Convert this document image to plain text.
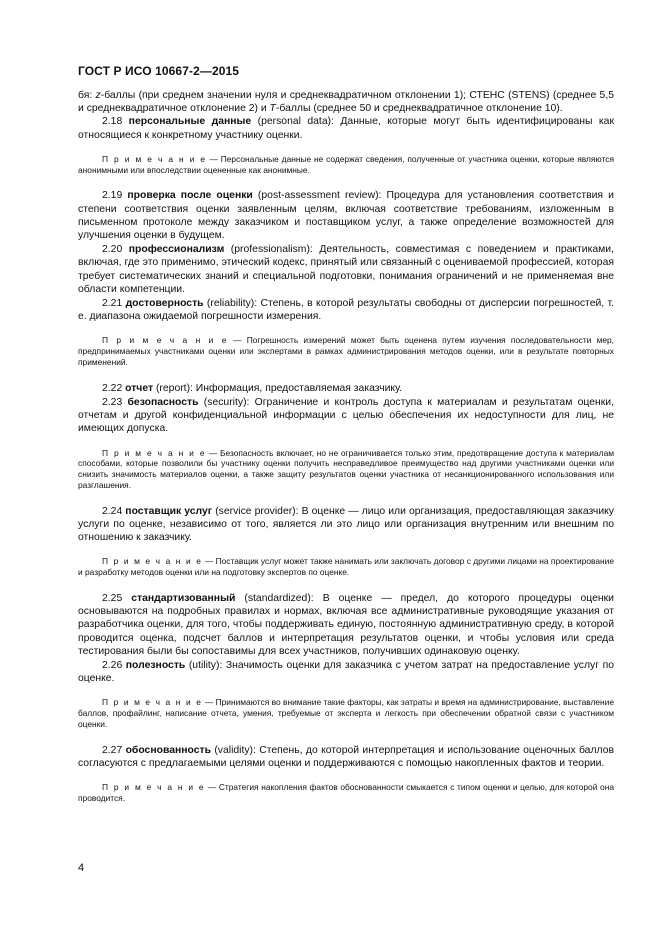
ГОСТ Р ИСО 10667-2—2015

бя: z-баллы (при среднем значении нуля и среднеквадратичном отклонении 1); СТЕНС (STENS) (среднее 5,5 и среднеквадратичное отклонение 2) и T-баллы (среднее 50 и среднеквадратичное отклонение 10).

2.18 персональные данные (personal data): Данные, которые могут быть идентифицированы как относящиеся к конкретному участнику оценки.

П р и м е ч а н и е — Персональные данные не содержат сведения, полученные от участника оценки, которые являются анонимными или впоследствии оцененные как анонимные.

2.19 проверка после оценки (post-assessment review): Процедура для установления соответствия и степени соответствия оценки заявленным целям, включая соответствие требованиям, изложенным в письменном протоколе между заказчиком и поставщиком услуг, а также определение возможностей для улучшения оценки в будущем.

2.20 профессионализм (professionalism): Деятельность, совместимая с поведением и практиками, включая, где это применимо, этический кодекс, принятый или связанный с оцениваемой профессией, которая требует систематических знаний и специальной подготовки, понимания ограничений и не применяемая вне области компетенции.

2.21 достоверность (reliability): Степень, в которой результаты свободны от дисперсии погрешностей, т. е. диапазона ожидаемой погрешности измерения.

П р и м е ч а н и е — Погрешность измерений может быть оценена путем изучения последовательности мер, предпринимаемых участниками оценки или экспертами в рамках администрирования методов оценки, или в результате повторных применений.

2.22 отчет (report): Информация, предоставляемая заказчику.

2.23 безопасность (security): Ограничение и контроль доступа к материалам и результатам оценки, отчетам и другой конфиденциальной информации с целью обеспечения их недоступности для лиц, не имеющих допуска.

П р и м е ч а н и е — Безопасность включает, но не ограничивается только этим, предотвращение доступа к материалам способами, которые позволили бы участнику оценки получить несправедливое преимущество над другими участниками оценки или снизить значимость материалов оценки, а также защиту результатов оценки участника от несанкционированного использования или разглашения.

2.24 поставщик услуг (service provider): В оценке — лицо или организация, предоставляющая заказчику услуги по оценке, независимо от того, является ли это лицо или организация внутренним или внешним по отношению к заказчику.

П р и м е ч а н и е — Поставщик услуг может также нанимать или заключать договор с другими лицами на проектирование и разработку методов оценки или на подготовку экспертов по оценке.

2.25 стандартизованный (standardized): В оценке — предел, до которого процедуры оценки основываются на подробных правилах и нормах, включая все административные руководящие указания от разработчика оценки, для того, чтобы поддерживать единую, постоянную административную среду, в которой проводится оценка, подсчет баллов и интерпретация результатов оценки, и чтобы условия или среда тестирования были бы сопоставимы для всех участников, получивших одинаковую оценку.

2.26 полезность (utility): Значимость оценки для заказчика с учетом затрат на предоставление услуг по оценке.

П р и м е ч а н и е — Принимаются во внимание такие факторы, как затраты и время на администрирование, выставление баллов, профайлинг, написание отчета, умения, требуемые от эксперта и легкость при обеспечении обратной связи с участником оценки.

2.27 обоснованность (validity): Степень, до которой интерпретация и использование оценочных баллов согласуются с предлагаемыми целями оценки и поддерживаются с помощью накопленных фактов и теории.

П р и м е ч а н и е — Стратегия накопления фактов обоснованности смыкается с типом оценки и целью, для которой она проводится.

4
